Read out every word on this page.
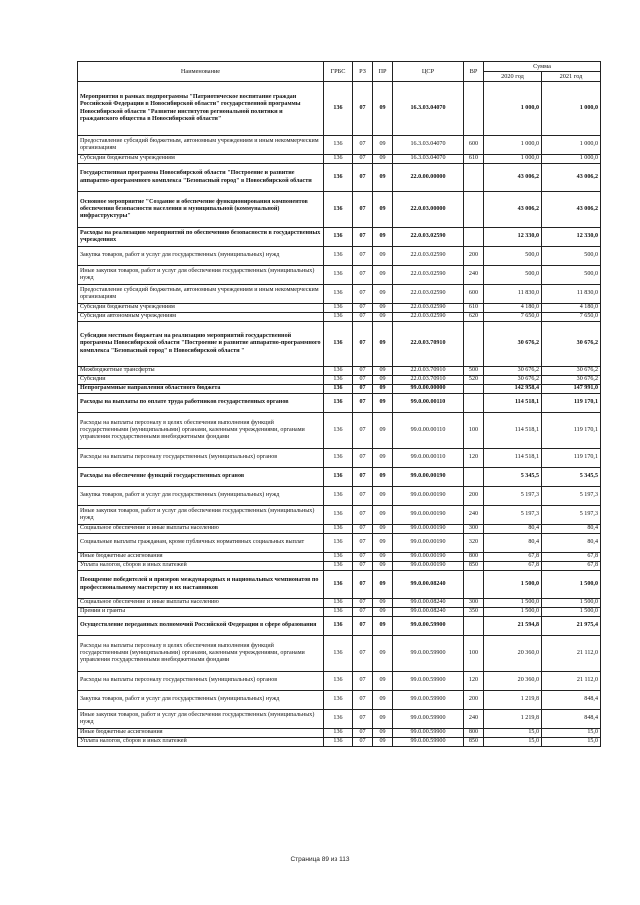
Наименование	ГРБС	РЗ	ПР	ЦСР	ВР	Сумма	
						2020 год	2021 год
Мероприятия в рамках подпрограммы "Патриотическое воспитание граждан Российской Федерации в Новосибирской области" государственной программы Новосибирской области "Развитие институтов региональной политики и гражданского общества в Новосибирской области"	136	07	09	16.3.03.04070		1 000,0	1 000,0
Предоставление субсидий бюджетным, автономным учреждениям и иным некоммерческим организациям	136	07	09	16.3.03.04070	600	1 000,0	1 000,0
Субсидии бюджетным учреждениям	136	07	09	16.3.03.04070	610	1 000,0	1 000,0
Государственная программа Новосибирской области "Построение и развитие аппаратно-программного комплекса "Безопасный город" в Новосибирской области	136	07	09	22.0.00.00000		43 006,2	43 006,2
Основное мероприятие "Создание и обеспечение функционирования компонентов обеспечения безопасности населения и муниципальной (коммунальной) инфраструктуры"	136	07	09	22.0.03.00000		43 006,2	43 006,2
Расходы на реализацию мероприятий по обеспечению безопасности в государственных учреждениях	136	07	09	22.0.03.02590		12 330,0	12 330,0
Закупка товаров, работ и услуг для государственных (муниципальных) нужд	136	07	09	22.0.03.02590	200	500,0	500,0
Иные закупки товаров, работ и услуг для обеспечения государственных (муниципальных) нужд	136	07	09	22.0.03.02590	240	500,0	500,0
Предоставление субсидий бюджетным, автономным учреждениям и иным некоммерческим организациям	136	07	09	22.0.03.02590	600	11 830,0	11 830,0
Субсидии бюджетным учреждениям	136	07	09	22.0.03.02590	610	4 180,0	4 180,0
Субсидии автономным учреждениям	136	07	09	22.0.03.02590	620	7 650,0	7 650,0
Субсидии местным бюджетам на реализацию мероприятий государственной программы Новосибирской области "Построение и развитие аппаратно-программного комплекса "Безопасный город" в Новосибирской области "	136	07	09	22.0.03.70910		30 676,2	30 676,2
Межбюджетные трансферты	136	07	09	22.0.03.70910	500	30 676,2	30 676,2
Субсидии	136	07	09	22.0.03.70910	520	30 676,2	30 676,2
Непрограммные направления областного бюджета	136	07	09	99.0.00.00000		142 958,4	147 991,0
Расходы на выплаты по оплате труда работников государственных органов	136	07	09	99.0.00.00110		114 518,1	119 170,1
Расходы на выплаты персоналу в целях обеспечения выполнения функций государственными (муниципальными) органами, казенными учреждениями, органами управления государственными внебюджетными фондами	136	07	09	99.0.00.00110	100	114 518,1	119 170,1
Расходы на выплаты персоналу государственных (муниципальных) органов	136	07	09	99.0.00.00110	120	114 518,1	119 170,1
Расходы на обеспечение функций государственных органов	136	07	09	99.0.00.00190		5 345,5	5 345,5
Закупка товаров, работ и услуг для государственных (муниципальных) нужд	136	07	09	99.0.00.00190	200	5 197,3	5 197,3
Иные закупки товаров, работ и услуг для обеспечения государственных (муниципальных) нужд	136	07	09	99.0.00.00190	240	5 197,3	5 197,3
Социальное обеспечение и иные выплаты населению	136	07	09	99.0.00.00190	300	80,4	80,4
Социальные выплаты гражданам, кроме публичных нормативных социальных выплат	136	07	09	99.0.00.00190	320	80,4	80,4
Иные бюджетные ассигнования	136	07	09	99.0.00.00190	800	67,8	67,8
Уплата налогов, сборов и иных платежей	136	07	09	99.0.00.00190	850	67,8	67,8
Поощрение победителей и призеров международных и национальных чемпионатов по профессиональному мастерству и их наставников	136	07	09	99.0.00.08240		1 500,0	1 500,0
Социальное обеспечение и иные выплаты населению	136	07	09	99.0.00.08240	300	1 500,0	1 500,0
Премии и гранты	136	07	09	99.0.00.08240	350	1 500,0	1 500,0
Осуществление переданных полномочий Российской Федерации в сфере образования	136	07	09	99.0.00.59900		21 594,8	21 975,4
Расходы на выплаты персоналу в целях обеспечения выполнения функций государственными (муниципальными) органами, казенными учреждениями, органами управления государственными внебюджетными фондами	136	07	09	99.0.00.59900	100	20 360,0	21 112,0
Расходы на выплаты персоналу государственных (муниципальных) органов	136	07	09	99.0.00.59900	120	20 360,0	21 112,0
Закупка товаров, работ и услуг для государственных (муниципальных) нужд	136	07	09	99.0.00.59900	200	1 219,8	848,4
Иные закупки товаров, работ и услуг для обеспечения государственных (муниципальных) нужд	136	07	09	99.0.00.59900	240	1 219,8	848,4
Иные бюджетные ассигнования	136	07	09	99.0.00.59900	800	15,0	15,0
Уплата налогов, сборов и иных платежей	136	07	09	99.0.00.59900	850	15,0	15,0
Страница 89 из 113
